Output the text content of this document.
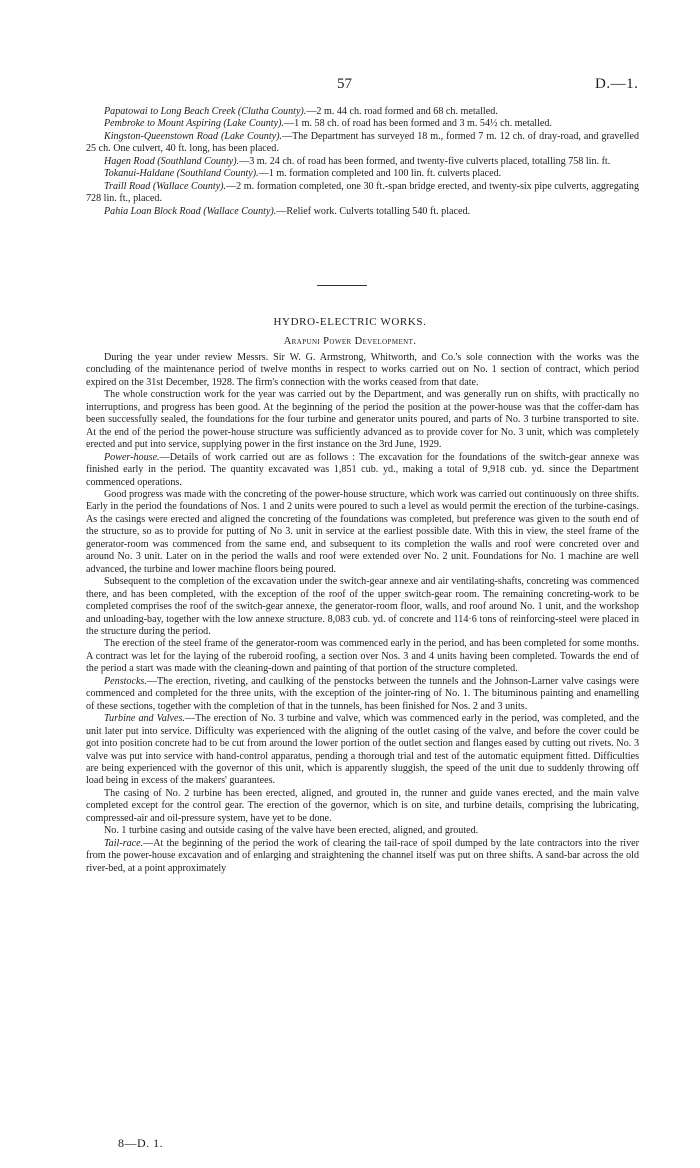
57	D.—1.

Papatowai to Long Beach Creek (Clutha County).—2 m. 44 ch. road formed and 68 ch. metalled.

Pembroke to Mount Aspiring (Lake County).—1 m. 58 ch. of road has been formed and 3 m. 54½ ch. metalled.

Kingston-Queenstown Road (Lake County).—The Department has surveyed 18 m., formed 7 m. 12 ch. of dray-road, and gravelled 25 ch. One culvert, 40 ft. long, has been placed.

Hagen Road (Southland County).—3 m. 24 ch. of road has been formed, and twenty-five culverts placed, totalling 758 lin. ft.

Tokanui-Haldane (Southland County).—1 m. formation completed and 100 lin. ft. culverts placed.

Traill Road (Wallace County).—2 m. formation completed, one 30 ft.-span bridge erected, and twenty-six pipe culverts, aggregating 728 lin. ft., placed.

Pahia Loan Block Road (Wallace County).—Relief work. Culverts totalling 540 ft. placed.

HYDRO-ELECTRIC WORKS.
Arapuni Power Development.

During the year under review Messrs. Sir W. G. Armstrong, Whitworth, and Co.'s sole connection with the works was the concluding of the maintenance period of twelve months in respect to works carried out on No. 1 section of contract, which period expired on the 31st December, 1928. The firm's connection with the works ceased from that date.

The whole construction work for the year was carried out by the Department, and was generally run on shifts, with practically no interruptions, and progress has been good. At the beginning of the period the position at the power-house was that the coffer-dam has been successfully sealed, the foundations for the four turbine and generator units poured, and parts of No. 3 turbine transported to site. At the end of the period the power-house structure was sufficiently advanced as to provide cover for No. 3 unit, which was completely erected and put into service, supplying power in the first instance on the 3rd June, 1929.

Power-house.—Details of work carried out are as follows : The excavation for the foundations of the switch-gear annexe was finished early in the period. The quantity excavated was 1,851 cub. yd., making a total of 9,918 cub. yd. since the Department commenced operations.

Good progress was made with the concreting of the power-house structure, which work was carried out continuously on three shifts. Early in the period the foundations of Nos. 1 and 2 units were poured to such a level as would permit the erection of the turbine-casings. As the casings were erected and aligned the concreting of the foundations was completed, but preference was given to the south end of the structure, so as to provide for putting of No 3. unit in service at the earliest possible date. With this in view, the steel frame of the generator-room was commenced from the same end, and subsequent to its completion the walls and roof were concreted over and around No. 3 unit. Later on in the period the walls and roof were extended over No. 2 unit. Foundations for No. 1 machine are well advanced, the turbine and lower machine floors being poured.

Subsequent to the completion of the excavation under the switch-gear annexe and air ventilating-shafts, concreting was commenced there, and has been completed, with the exception of the roof of the upper switch-gear room. The remaining concreting-work to be completed comprises the roof of the switch-gear annexe, the generator-room floor, walls, and roof around No. 1 unit, and the workshop and unloading-bay, together with the low annexe structure. 8,083 cub. yd. of concrete and 114·6 tons of reinforcing-steel were placed in the structure during the period.

The erection of the steel frame of the generator-room was commenced early in the period, and has been completed for some months. A contract was let for the laying of the ruberoid roofing, a section over Nos. 3 and 4 units having been completed. Towards the end of the period a start was made with the cleaning-down and painting of that portion of the structure completed.

Penstocks.—The erection, riveting, and caulking of the penstocks between the tunnels and the Johnson-Larner valve casings were commenced and completed for the three units, with the exception of the jointer-ring of No. 1. The bituminous painting and enamelling of these sections, together with the completion of that in the tunnels, has been finished for Nos. 2 and 3 units.

Turbine and Valves.—The erection of No. 3 turbine and valve, which was commenced early in the period, was completed, and the unit later put into service. Difficulty was experienced with the aligning of the outlet casing of the valve, and before the cover could be got into position concrete had to be cut from around the lower portion of the outlet section and flanges eased by cutting out rivets. No. 3 valve was put into service with hand-control apparatus, pending a thorough trial and test of the automatic equipment fitted. Difficulties are being experienced with the governor of this unit, which is apparently sluggish, the speed of the unit due to suddenly throwing off load being in excess of the makers' guarantees.

The casing of No. 2 turbine has been erected, aligned, and grouted in, the runner and guide vanes erected, and the main valve completed except for the control gear. The erection of the governor, which is on site, and turbine details, comprising the lubricating, compressed-air and oil-pressure system, have yet to be done.

No. 1 turbine casing and outside casing of the valve have been erected, aligned, and grouted.

Tail-race.—At the beginning of the period the work of clearing the tail-race of spoil dumped by the late contractors into the river from the power-house excavation and of enlarging and straightening the channel itself was put on three shifts. A sand-bar across the old river-bed, at a point approximately

8—D. 1.
